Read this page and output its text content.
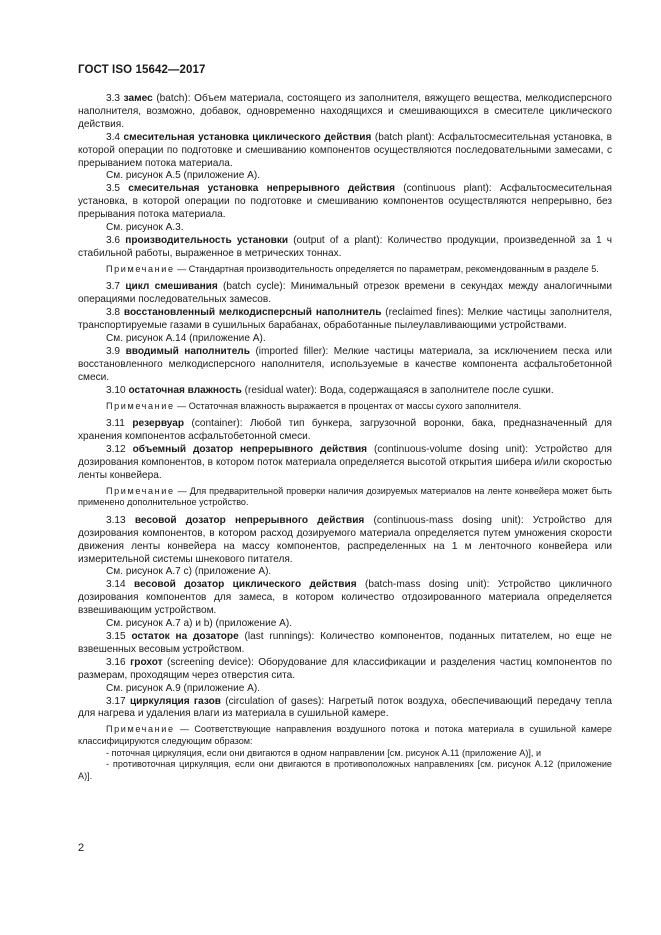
ГОСТ ISO 15642—2017

3.3 замес (batch): Объем материала, состоящего из заполнителя, вяжущего вещества, мелкодисперсного наполнителя, возможно, добавок, одновременно находящихся и смешивающихся в смесителе циклического действия.

3.4 смесительная установка циклического действия (batch plant): Асфальтосмесительная установка, в которой операции по подготовке и смешиванию компонентов осуществляются последовательными замесами, с прерыванием потока материала.

См. рисунок А.5 (приложение А).

3.5 смесительная установка непрерывного действия (continuous plant): Асфальтосмесительная установка, в которой операции по подготовке и смешиванию компонентов осуществляются непрерывно, без прерывания потока материала.

См. рисунок А.3.

3.6 производительность установки (output of a plant): Количество продукции, произведенной за 1 ч стабильной работы, выраженное в метрических тоннах.

Примечание — Стандартная производительность определяется по параметрам, рекомендованным в разделе 5.

3.7 цикл смешивания (batch cycle): Минимальный отрезок времени в секундах между аналогичными операциями последовательных замесов.

3.8 восстановленный мелкодисперсный наполнитель (reclaimed fines): Мелкие частицы заполнителя, транспортируемые газами в сушильных барабанах, обработанные пылеулавливающими устройствами.

См. рисунок А.14 (приложение А).

3.9 вводимый наполнитель (imported filler): Мелкие частицы материала, за исключением песка или восстановленного мелкодисперсного наполнителя, используемые в качестве компонента асфальтобетонной смеси.

3.10 остаточная влажность (residual water): Вода, содержащаяся в заполнителе после сушки.

Примечание — Остаточная влажность выражается в процентах от массы сухого заполнителя.

3.11 резервуар (container): Любой тип бункера, загрузочной воронки, бака, предназначенный для хранения компонентов асфальтобетонной смеси.

3.12 объемный дозатор непрерывного действия (continuous-volume dosing unit): Устройство для дозирования компонентов, в котором поток материала определяется высотой открытия шибера и/или скоростью ленты конвейера.

Примечание — Для предварительной проверки наличия дозируемых материалов на ленте конвейера может быть применено дополнительное устройство.

3.13 весовой дозатор непрерывного действия (continuous-mass dosing unit): Устройство для дозирования компонентов, в котором расход дозируемого материала определяется путем умножения скорости движения ленты конвейера на массу компонентов, распределенных на 1 м ленточного конвейера или измерительной системы шнекового питателя.

См. рисунок А.7 с) (приложение А).

3.14 весовой дозатор циклического действия (batch-mass dosing unit): Устройство цикличного дозирования компонентов для замеса, в котором количество отдозированного материала определяется взвешивающим устройством.

См. рисунок А.7 а) и b) (приложение А).

3.15 остаток на дозаторе (last runnings): Количество компонентов, поданных питателем, но еще не взвешенных весовым устройством.

3.16 грохот (screening device): Оборудование для классификации и разделения частиц компонентов по размерам, проходящим через отверстия сита.

См. рисунок А.9 (приложение А).

3.17 циркуляция газов (circulation of gases): Нагретый поток воздуха, обеспечивающий передачу тепла для нагрева и удаления влаги из материала в сушильной камере.

Примечание — Соответствующие направления воздушного потока и потока материала в сушильной камере классифицируются следующим образом:

- поточная циркуляция, если они двигаются в одном направлении [см. рисунок А.11 (приложение А)], и

- противоточная циркуляция, если они двигаются в противоположных направлениях [см. рисунок А.12 (приложение А)].

2
